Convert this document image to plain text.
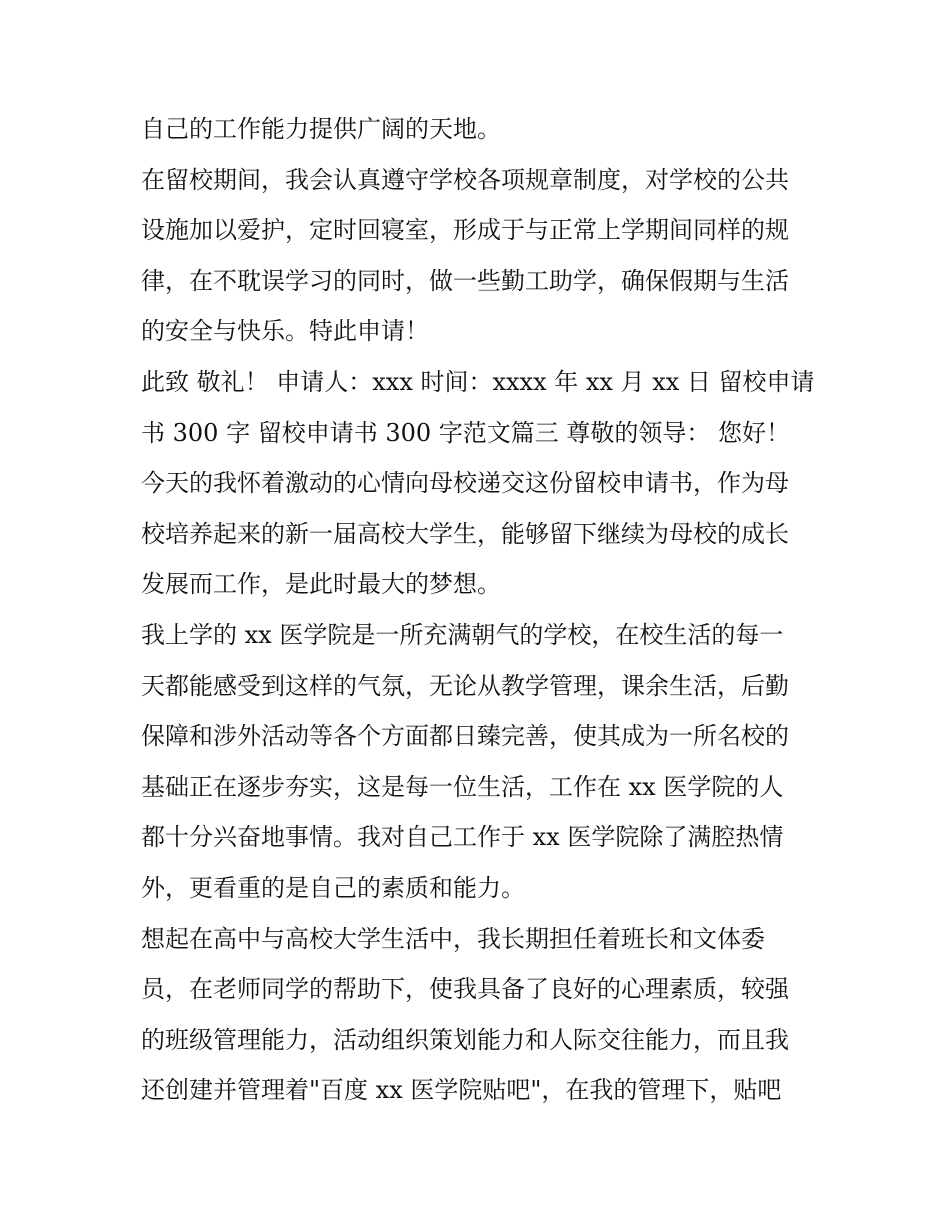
自己的工作能力提供广阔的天地。
在留校期间，我会认真遵守学校各项规章制度，对学校的公共
设施加以爱护，定时回寝室，形成于与正常上学期间同样的规
律，在不耽误学习的同时，做一些勤工助学，确保假期与生活
的安全与快乐。特此申请！
此致 敬礼！ 申请人：xxx 时间：xxxx 年 xx 月 xx 日 留校申请
书 300 字 留校申请书 300 字范文篇三 尊敬的领导： 您好！
今天的我怀着激动的心情向母校递交这份留校申请书，作为母
校培养起来的新一届高校大学生，能够留下继续为母校的成长
发展而工作，是此时最大的梦想。
我上学的 xx 医学院是一所充满朝气的学校，在校生活的每一
天都能感受到这样的气氛，无论从教学管理，课余生活，后勤
保障和涉外活动等各个方面都日臻完善，使其成为一所名校的
基础正在逐步夯实，这是每一位生活，工作在 xx 医学院的人
都十分兴奋地事情。我对自己工作于 xx 医学院除了满腔热情
外，更看重的是自己的素质和能力。
想起在高中与高校大学生活中，我长期担任着班长和文体委
员，在老师同学的帮助下，使我具备了良好的心理素质，较强
的班级管理能力，活动组织策划能力和人际交往能力，而且我
还创建并管理着"百度 xx 医学院贴吧"，在我的管理下，贴吧
